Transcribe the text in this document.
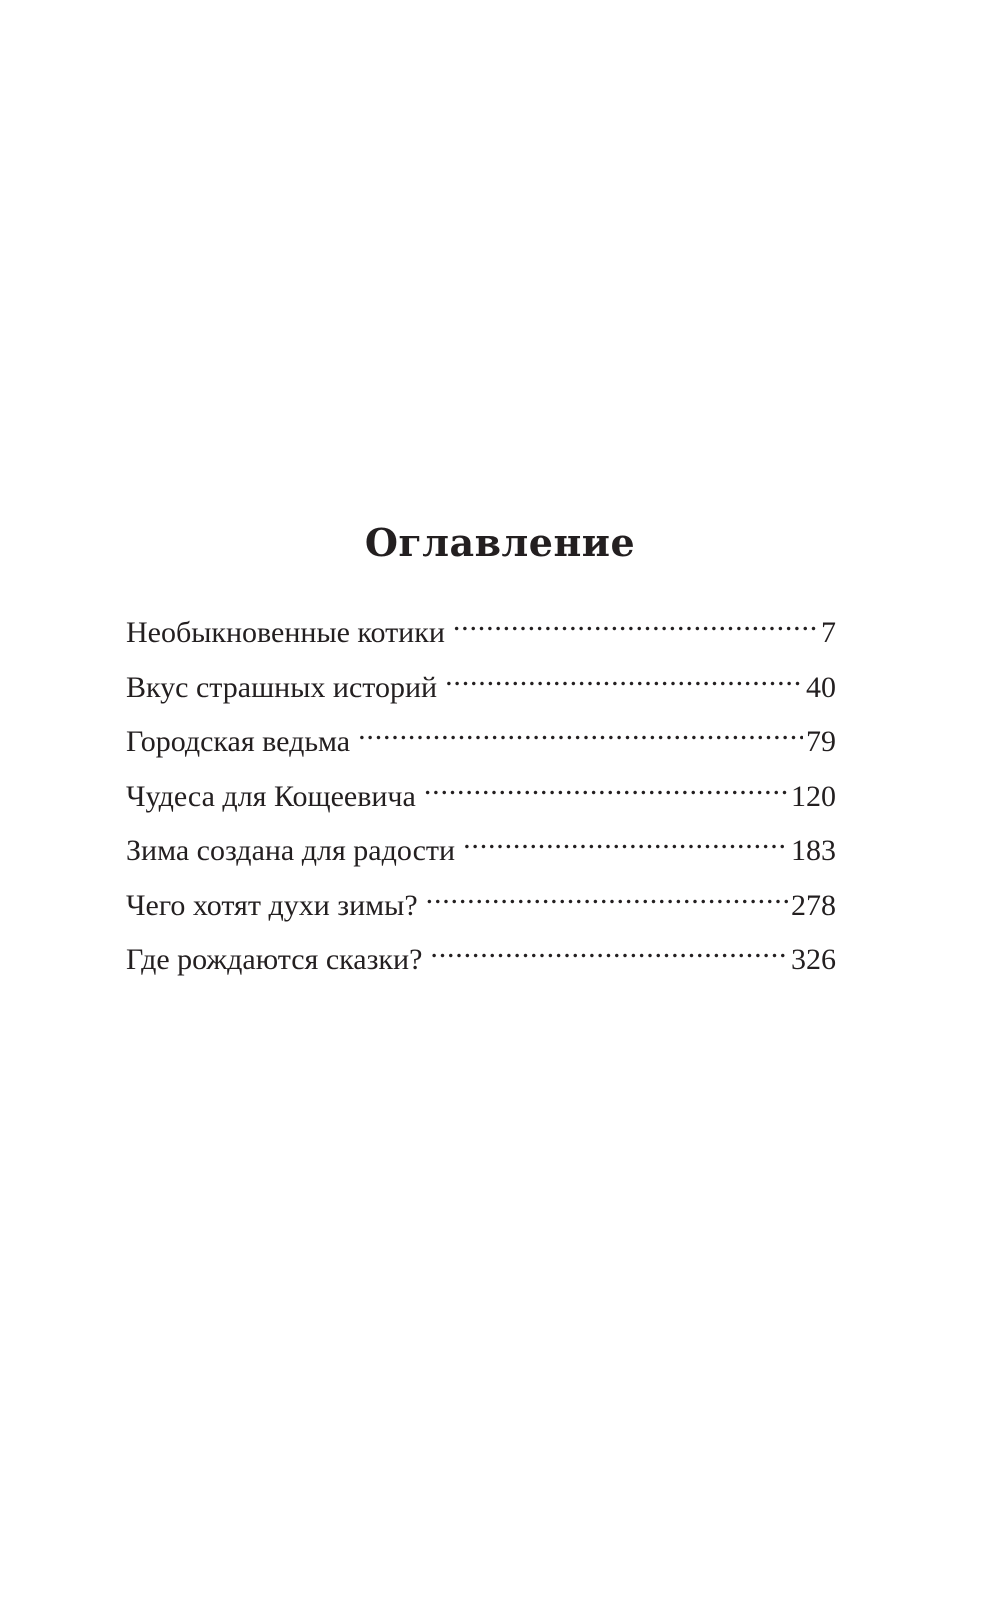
Оглавление
Необыкновенные котики .....	7
Вкус страшных историй .....	40
Городская ведьма .....	79
Чудеса для Кощеевича .....	120
Зима создана для радости .....	183
Чего хотят духи зимы? .....	278
Где рождаются сказки? .....	326
